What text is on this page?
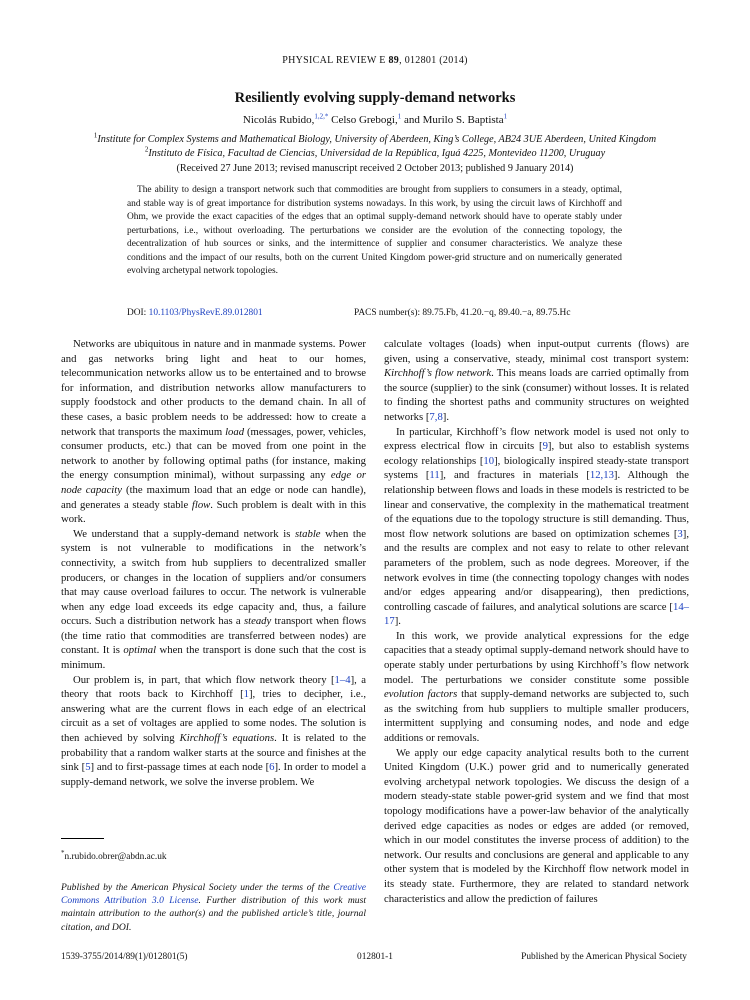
PHYSICAL REVIEW E 89, 012801 (2014)
Resiliently evolving supply-demand networks
Nicolás Rubido,$^{1,2,*}$ Celso Grebogi,$^1$ and Murilo S. Baptista$^1$
$^1$Institute for Complex Systems and Mathematical Biology, University of Aberdeen, King’s College, AB24 3UE Aberdeen, United Kingdom
$^2$Instituto de Física, Facultad de Ciencias, Universidad de la República, Iguá 4225, Montevideo 11200, Uruguay
(Received 27 June 2013; revised manuscript received 2 October 2013; published 9 January 2014)

The ability to design a transport network such that commodities are brought from suppliers to consumers in a steady, optimal, and stable way is of great importance for distribution systems nowadays. In this work, by using the circuit laws of Kirchhoff and Ohm, we provide the exact capacities of the edges that an optimal supply-demand network should have to operate stably under perturbations, i.e., without overloading. The perturbations we consider are the evolution of the connecting topology, the decentralization of hub sources or sinks, and the intermittence of supplier and consumer characteristics. We analyze these conditions and the impact of our results, both on the current United Kingdom power-grid structure and on numerically generated evolving archetypal network topologies.

DOI: 10.1103/PhysRevE.89.012801	PACS number(s): 89.75.Fb, 41.20.−q, 89.40.−a, 89.75.Hc

Networks are ubiquitous in nature and in manmade systems. Power and gas networks bring light and heat to our homes, telecommunication networks allow us to be entertained and to browse for information, and distribution networks allow manufacturers to supply foodstock and other products to the demand chain. In all of these cases, a basic problem needs to be addressed: how to create a network that transports the maximum load (messages, power, vehicles, consumer products, etc.) that can be moved from one point in the network to another by following optimal paths (for instance, making the energy consumption minimal), without surpassing any edge or node capacity (the maximum load that an edge or node can handle), and generates a steady stable flow. Such problem is dealt with in this work.

We understand that a supply-demand network is stable when the system is not vulnerable to modifications in the network’s connectivity, a switch from hub suppliers to decentralized smaller producers, or changes in the location of suppliers and/or consumers that may cause overload failures to occur. The network is vulnerable when any edge load exceeds its edge capacity and, thus, a failure occurs. Such a distribution network has a steady transport when flows (the time ratio that commodities are transferred between nodes) are constant. It is optimal when the transport is done such that the cost is minimum.

Our problem is, in part, that which flow network theory [1–4], a theory that roots back to Kirchhoff [1], tries to decipher, i.e., answering what are the current flows in each edge of an electrical circuit as a set of voltages are applied to some nodes. The solution is then achieved by solving Kirchhoff’s equations. It is related to the probability that a random walker starts at the source and finishes at the sink [5] and to first-passage times at each node [6]. In order to model a supply-demand network, we solve the inverse problem. We

calculate voltages (loads) when input-output currents (flows) are given, using a conservative, steady, minimal cost transport system: Kirchhoff’s flow network. This means loads are carried optimally from the source (supplier) to the sink (consumer) without losses. It is related to finding the shortest paths and community structures on weighted networks [7,8].

In particular, Kirchhoff’s flow network model is used not only to express electrical flow in circuits [9], but also to establish systems ecology relationships [10], biologically inspired steady-state transport systems [11], and fractures in materials [12,13]. Although the relationship between flows and loads in these models is restricted to be linear and conservative, the complexity in the mathematical treatment of the equations due to the topology structure is still demanding. Thus, most flow network solutions are based on optimization schemes [3], and the results are complex and not easy to relate to other relevant parameters of the problem, such as node degrees. Moreover, if the network evolves in time (the connecting topology changes with nodes and/or edges appearing and/or disappearing), then predictions, controlling cascade of failures, and analytical solutions are scarce [14–17].

In this work, we provide analytical expressions for the edge capacities that a steady optimal supply-demand network should have to operate stably under perturbations by using Kirchhoff’s flow network model. The perturbations we consider constitute some possible evolution factors that supply-demand networks are subjected to, such as the switching from hub suppliers to multiple smaller producers, intermittent supplying and consuming nodes, and node and edge additions or removals.

We apply our edge capacity analytical results both to the current United Kingdom (U.K.) power grid and to numerically generated evolving archetypal network topologies. We discuss the design of a modern steady-state stable power-grid system and we find that most topology modifications have a power-law behavior of the analytically derived edge capacities as nodes or edges are added (or removed, which in our model constitutes the inverse process of addition) to the network. Our results and conclusions are general and applicable to any other system that is modeled by the Kirchhoff flow network model in its steady state. Furthermore, they are related to standard network characteristics and allow the prediction of failures

*n.rubido.obrer@abdn.ac.uk
Published by the American Physical Society under the terms of the Creative Commons Attribution 3.0 License. Further distribution of this work must maintain attribution to the author(s) and the published article’s title, journal citation, and DOI.
1539-3755/2014/89(1)/012801(5)	012801-1	Published by the American Physical Society
